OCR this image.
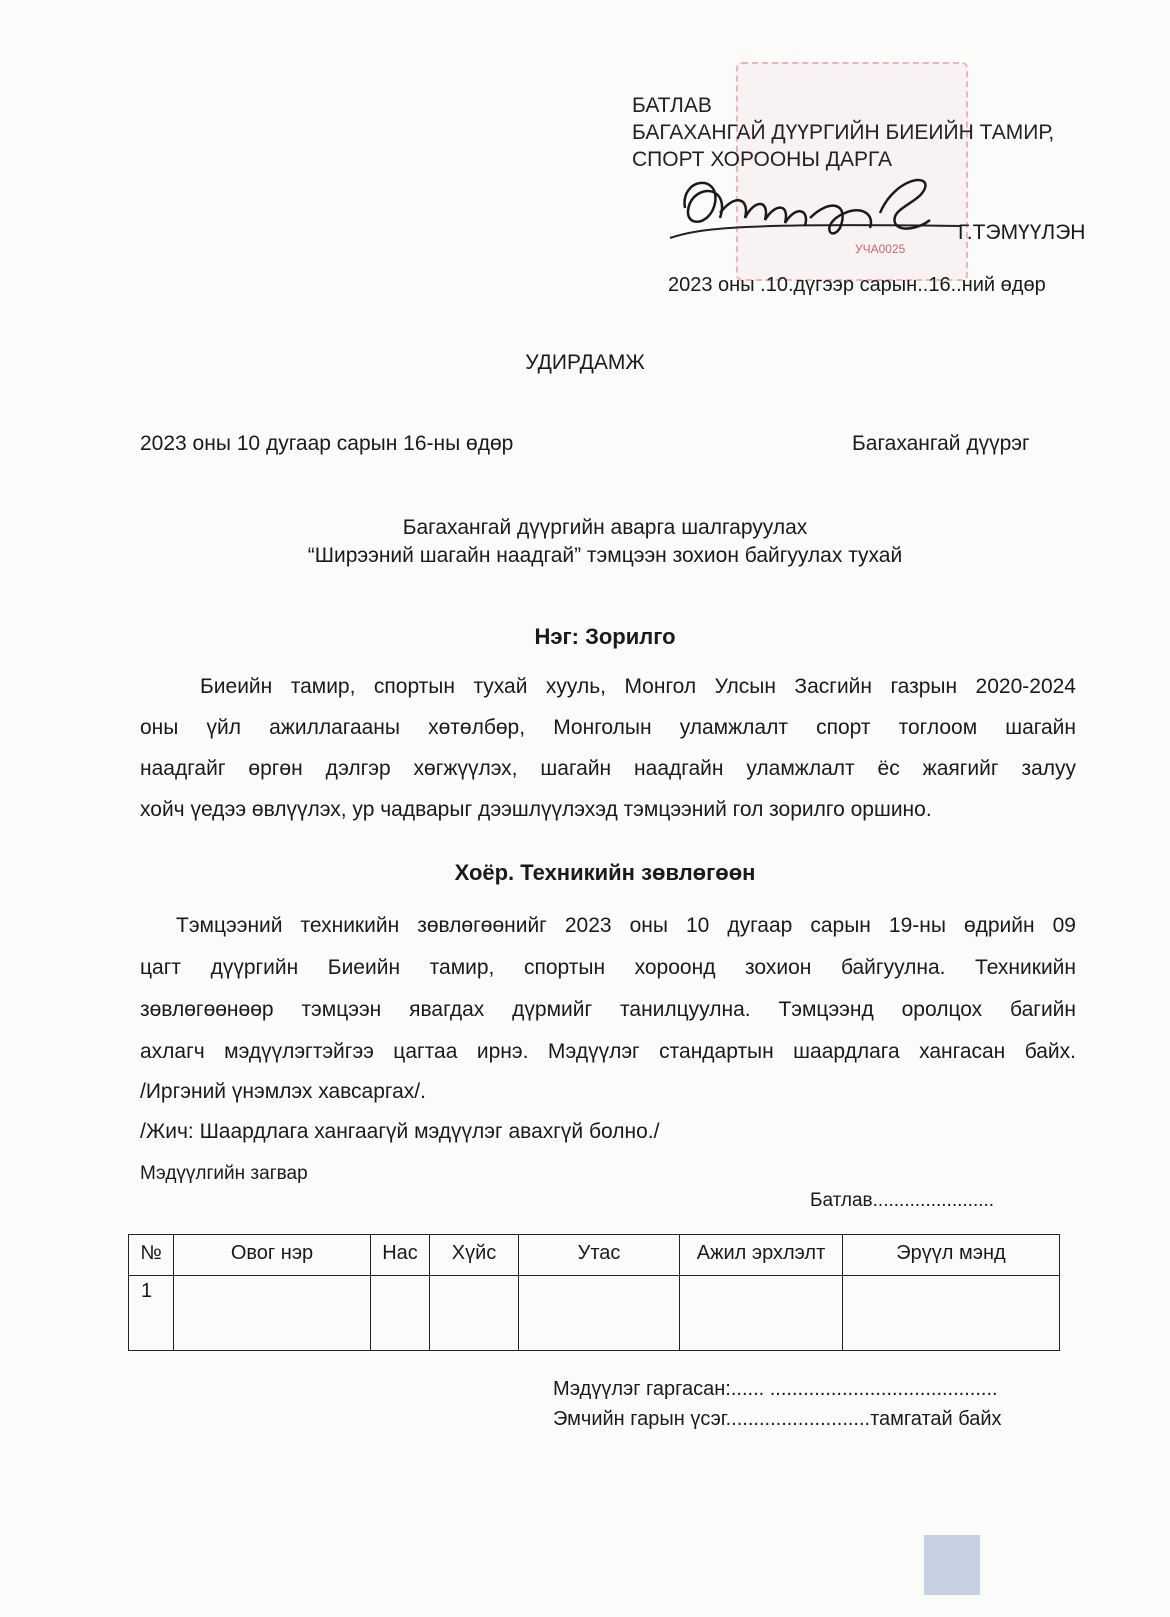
УЧА0025
БАТЛАВ
БАГАХАНГАЙ ДҮҮРГИЙН БИЕИЙН ТАМИР,
СПОРТ ХОРООНЫ ДАРГА
Г.ТЭМҮҮЛЭН
2023 оны .10.дүгээр сарын..16..ний өдөр
УДИРДАМЖ
2023 оны 10 дугаар сарын 16-ны өдөр	Багахангай дүүрэг
Багахангай дүүргийн аварга шалгаруулах
“Ширээний шагайн наадгай” тэмцээн зохион байгуулах тухай
Нэг: Зорилго
Биеийн тамир, спортын тухай хууль, Монгол Улсын Засгийн газрын 2020-2024
оны үйл ажиллагааны хөтөлбөр, Монголын уламжлалт спорт тоглоом шагайн
наадгайг өргөн дэлгэр хөгжүүлэх, шагайн наадгайн уламжлалт ёс жаягийг залуу
хойч үедээ өвлүүлэх, ур чадварыг дээшлүүлэхэд тэмцээний гол зорилго оршино.
Хоёр. Техникийн зөвлөгөөн
Тэмцээний техникийн зөвлөгөөнийг 2023 оны 10 дугаар сарын 19-ны өдрийн 09
цагт дүүргийн Биеийн тамир, спортын хороонд зохион байгуулна. Техникийн
зөвлөгөөнөөр тэмцээн явагдах дүрмийг танилцуулна. Тэмцээнд оролцох багийн
ахлагч мэдүүлэгтэйгээ цагтаа ирнэ. Мэдүүлэг стандартын шаардлага хангасан байх.
/Иргэний үнэмлэх хавсаргах/.
/Жич: Шаардлага хангаагүй мэдүүлэг авахгүй болно./
Мэдүүлгийн загвар
Батлав.......................
№	Овог нэр	Нас	Хүйс	Утас	Ажил эрхлэлт	Эрүүл мэнд
1						
Мэдүүлэг гаргасан:...... .........................................
Эмчийн гарын үсэг..........................тамгатай байх
